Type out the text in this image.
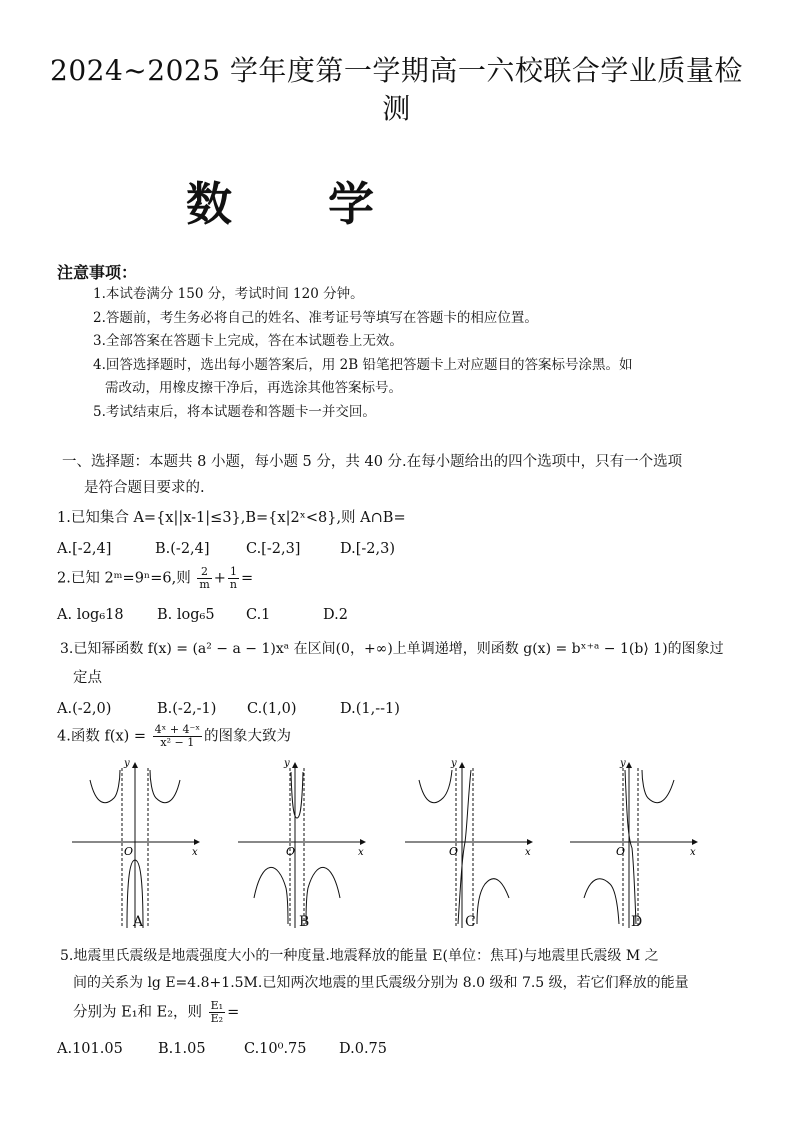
2024~2025 学年度第一学期高一六校联合学业质量检
测
数 学
注意事项：
1.本试卷满分 150 分，考试时间 120 分钟。
2.答题前，考生务必将自己的姓名、准考证号等填写在答题卡的相应位置。
3.全部答案在答题卡上完成，答在本试题卷上无效。
4.回答选择题时，选出每小题答案后，用 2B 铅笔把答题卡上对应题目的答案标号涂黑。如
需改动，用橡皮擦干净后，再选涂其他答案标号。
5.考试结束后，将本试题卷和答题卡一并交回。
一、选择题：本题共 8 小题，每小题 5 分，共 40 分.在每小题给出的四个选项中，只有一个选项
是符合题目要求的.
1.已知集合 A={x||x-1|≤3},B={x|2ˣ<8},则 A∩B=
A.[-2,4]	B.(-2,4]	C.[-2,3]	D.[-2,3)
2.已知 2ᵐ=9ⁿ=6,则 $\frac{2}{m} + \frac{1}{n}$ =
A. log₆18 B. log₆5 C.1	D.2
3.已知幂函数 f(x) = (a² − a − 1)xᵃ 在区间(0，+∞)上单调递增，则函数 g(x) = bˣ⁺ᵃ − 1(b⟩ 1)的图象过
定点
A.(-2,0)	B.(-2,-1) C.(1,0)	D.(1,--1)
4.函数 $f(x) = \frac{\text{4ˣ + 4⁻ˣ}}{\text{x² − 1}}$ 的图象大致为
y
x
O
y
x
O
y
x
O
y
x
O
A	B	C	D
5.地震里氏震级是地震强度大小的一种度量.地震释放的能量 E(单位：焦耳)与地震里氏震级 M 之
间的关系为 lg E=4.8+1.5M.已知两次地震的里氏震级分别为 8.0 级和 7.5 级，若它们释放的能量
分别为 E₁和 E₂，则 $\frac{\text{E₁}}{\text{E₂}}$ =
A.101.05 B.1.05	C.10⁰.75 D.0.75
